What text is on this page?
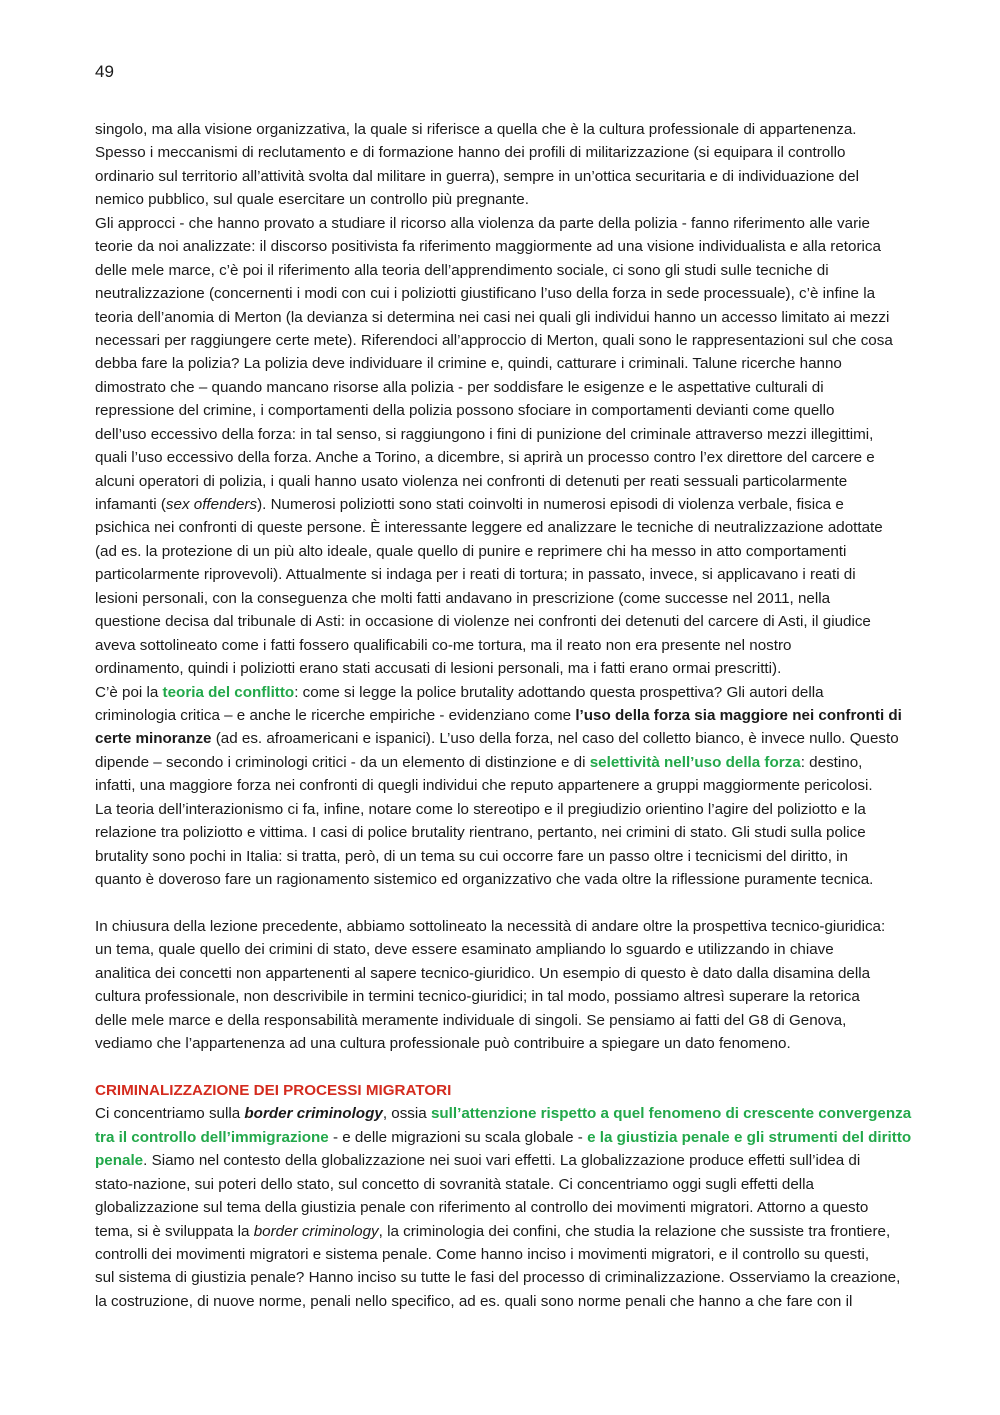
49
singolo, ma alla visione organizzativa, la quale si riferisce a quella che è la cultura professionale di appartenenza.
Spesso i meccanismi di reclutamento e di formazione hanno dei profili di militarizzazione (si equipara il controllo
ordinario sul territorio all’attività svolta dal militare in guerra), sempre in un’ottica securitaria e di individuazione del
nemico pubblico, sul quale esercitare un controllo più pregnante.
Gli approcci - che hanno provato a studiare il ricorso alla violenza da parte della polizia - fanno riferimento alle varie
teorie da noi analizzate: il discorso positivista fa riferimento maggiormente ad una visione individualista e alla retorica
delle mele marce, c’è poi il riferimento alla teoria dell’apprendimento sociale, ci sono gli studi sulle tecniche di
neutralizzazione (concernenti i modi con cui i poliziotti giustificano l’uso della forza in sede processuale), c’è infine la
teoria dell’anomia di Merton (la devianza si determina nei casi nei quali gli individui hanno un accesso limitato ai mezzi
necessari per raggiungere certe mete). Riferendoci all’approccio di Merton, quali sono le rappresentazioni sul che cosa
debba fare la polizia? La polizia deve individuare il crimine e, quindi, catturare i criminali. Talune ricerche hanno
dimostrato che – quando mancano risorse alla polizia - per soddisfare le esigenze e le aspettative culturali di
repressione del crimine, i comportamenti della polizia possono sfociare in comportamenti devianti come quello
dell’uso eccessivo della forza: in tal senso, si raggiungono i fini di punizione del criminale attraverso mezzi illegittimi,
quali l’uso eccessivo della forza. Anche a Torino, a dicembre, si aprirà un processo contro l’ex direttore del carcere e
alcuni operatori di polizia, i quali hanno usato violenza nei confronti di detenuti per reati sessuali particolarmente
infamanti (sex offenders). Numerosi poliziotti sono stati coinvolti in numerosi episodi di violenza verbale, fisica e
psichica nei confronti di queste persone. È interessante leggere ed analizzare le tecniche di neutralizzazione adottate
(ad es. la protezione di un più alto ideale, quale quello di punire e reprimere chi ha messo in atto comportamenti
particolarmente riprovevoli). Attualmente si indaga per i reati di tortura; in passato, invece, si applicavano i reati di
lesioni personali, con la conseguenza che molti fatti andavano in prescrizione (come successe nel 2011, nella
questione decisa dal tribunale di Asti: in occasione di violenze nei confronti dei detenuti del carcere di Asti, il giudice
aveva sottolineato come i fatti fossero qualificabili co-me tortura, ma il reato non era presente nel nostro
ordinamento, quindi i poliziotti erano stati accusati di lesioni personali, ma i fatti erano ormai prescritti).
C’è poi la teoria del conflitto: come si legge la police brutality adottando questa prospettiva? Gli autori della
criminologia critica – e anche le ricerche empiriche - evidenziano come l’uso della forza sia maggiore nei confronti di
certe minoranze (ad es. afroamericani e ispanici). L’uso della forza, nel caso del colletto bianco, è invece nullo. Questo
dipende – secondo i criminologi critici - da un elemento di distinzione e di selettività nell’uso della forza: destino,
infatti, una maggiore forza nei confronti di quegli individui che reputo appartenere a gruppi maggiormente pericolosi.
La teoria dell’interazionismo ci fa, infine, notare come lo stereotipo e il pregiudizio orientino l’agire del poliziotto e la
relazione tra poliziotto e vittima. I casi di police brutality rientrano, pertanto, nei crimini di stato. Gli studi sulla police
brutality sono pochi in Italia: si tratta, però, di un tema su cui occorre fare un passo oltre i tecnicismi del diritto, in
quanto è doveroso fare un ragionamento sistemico ed organizzativo che vada oltre la riflessione puramente tecnica.
In chiusura della lezione precedente, abbiamo sottolineato la necessità di andare oltre la prospettiva tecnico-giuridica:
un tema, quale quello dei crimini di stato, deve essere esaminato ampliando lo sguardo e utilizzando in chiave
analitica dei concetti non appartenenti al sapere tecnico-giuridico. Un esempio di questo è dato dalla disamina della
cultura professionale, non descrivibile in termini tecnico-giuridici; in tal modo, possiamo altresì superare la retorica
delle mele marce e della responsabilità meramente individuale di singoli. Se pensiamo ai fatti del G8 di Genova,
vediamo che l’appartenenza ad una cultura professionale può contribuire a spiegare un dato fenomeno.
CRIMINALIZZAZIONE DEI PROCESSI MIGRATORI
Ci concentriamo sulla border criminology, ossia sull’attenzione rispetto a quel fenomeno di crescente convergenza
tra il controllo dell’immigrazione - e delle migrazioni su scala globale - e la giustizia penale e gli strumenti del diritto
penale. Siamo nel contesto della globalizzazione nei suoi vari effetti. La globalizzazione produce effetti sull’idea di
stato-nazione, sui poteri dello stato, sul concetto di sovranità statale. Ci concentriamo oggi sugli effetti della
globalizzazione sul tema della giustizia penale con riferimento al controllo dei movimenti migratori. Attorno a questo
tema, si è sviluppata la border criminology, la criminologia dei confini, che studia la relazione che sussiste tra frontiere,
controlli dei movimenti migratori e sistema penale. Come hanno inciso i movimenti migratori, e il controllo su questi,
sul sistema di giustizia penale? Hanno inciso su tutte le fasi del processo di criminalizzazione. Osserviamo la creazione,
la costruzione, di nuove norme, penali nello specifico, ad es. quali sono norme penali che hanno a che fare con il
